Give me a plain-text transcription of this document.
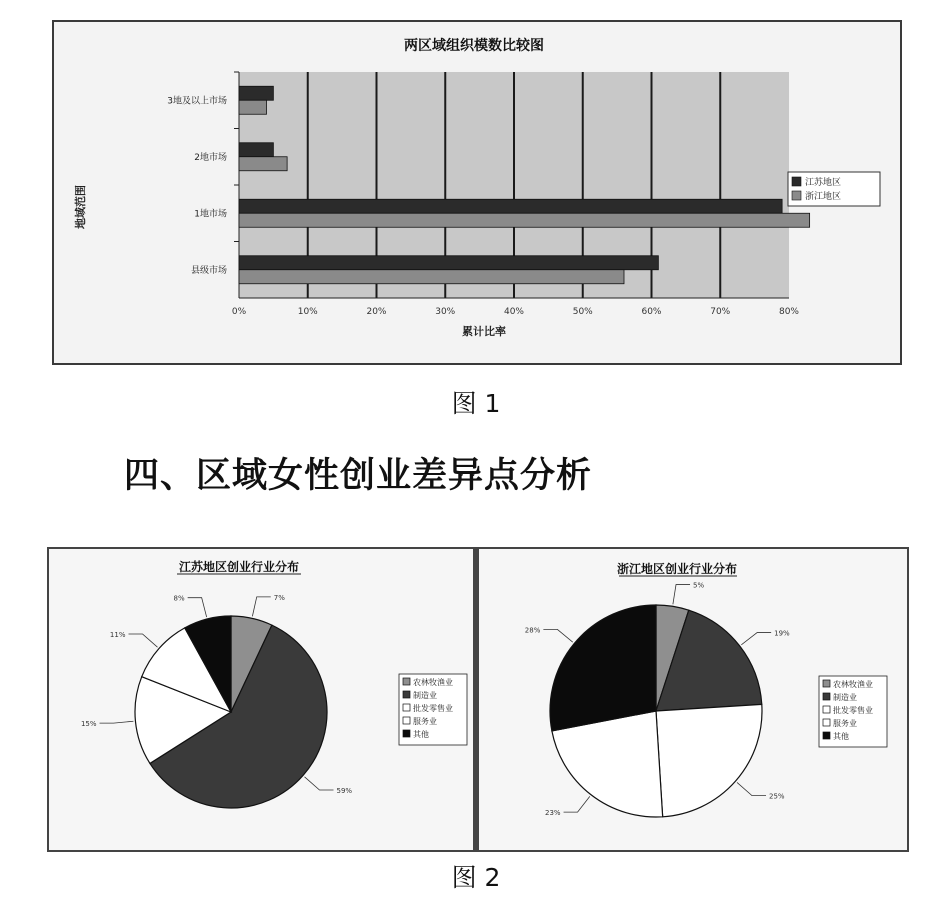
两区域组织模数比较图
地域范围
累计比率
0%	10%	20%	30%	40%	50%	60%	70%	80%
县级市场
1地市场
2地市场
3地及以上市场
江苏地区
浙江地区
图 1
四、区域女性创业差异点分析
江苏地区创业行业分布
7%
59%
15%
11%
8%
农林牧渔业
制造业
批发零售业
服务业
其他
浙江地区创业行业分布
5%
19%
25%
23%
28%
农林牧渔业
制造业
批发零售业
服务业
其他
图 2
